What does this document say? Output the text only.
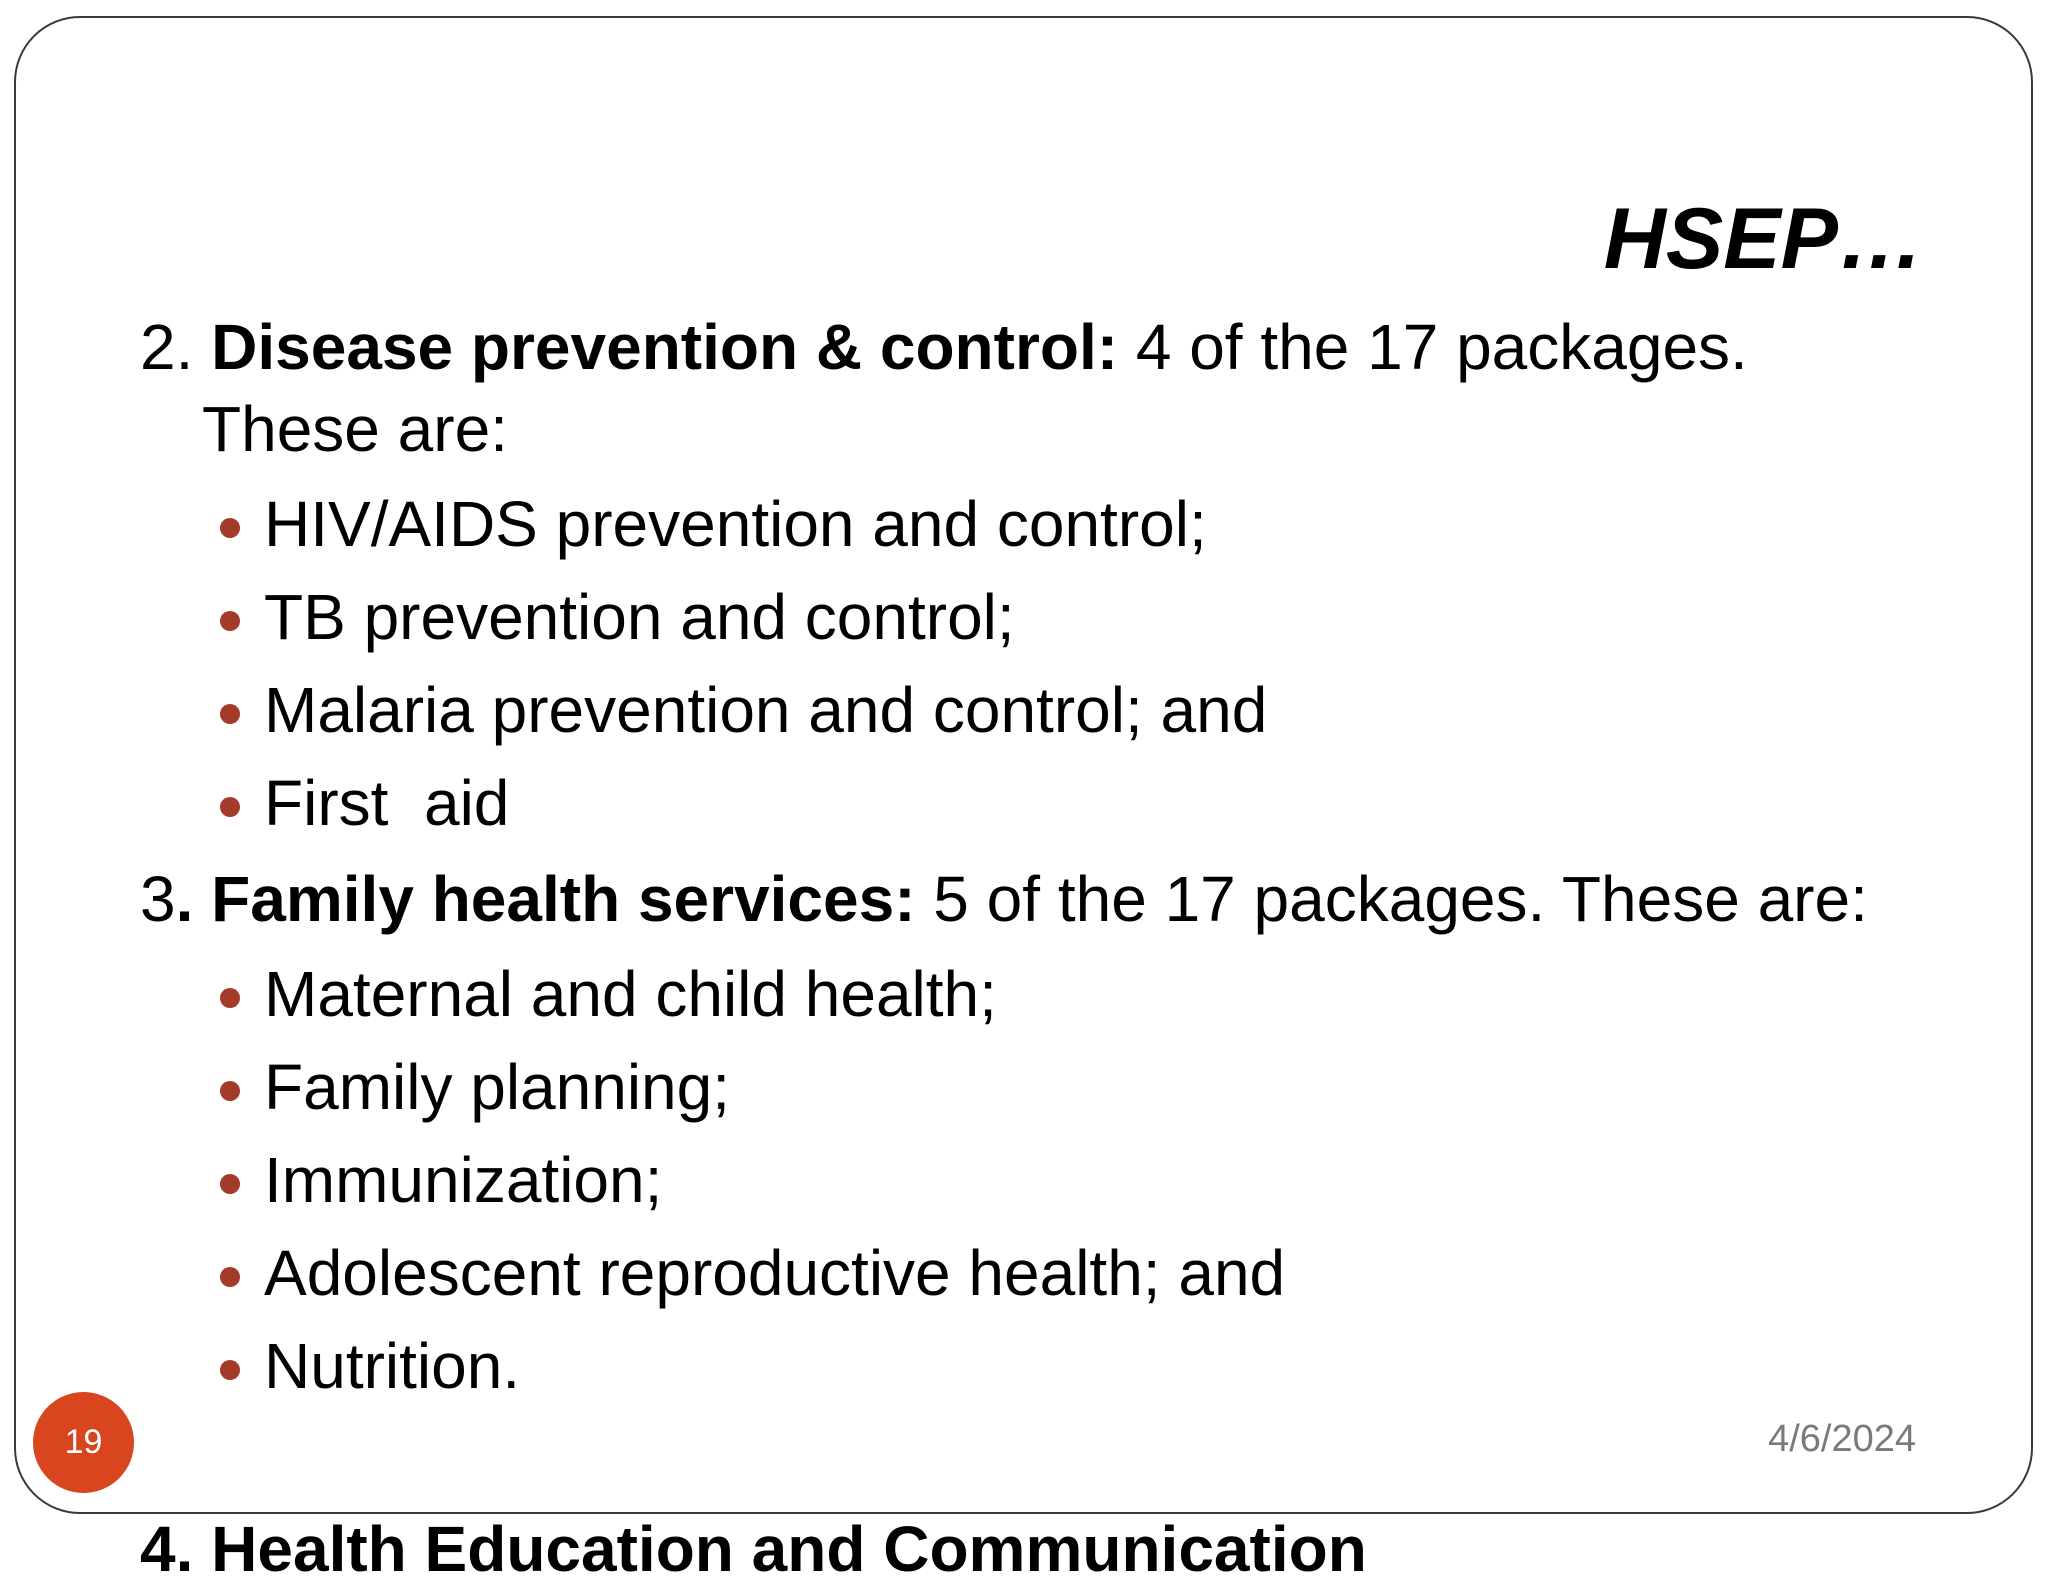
HSEP…
2. Disease prevention & control: 4 of the 17 packages. These are:
HIV/AIDS prevention and control;
TB prevention and control;
Malaria prevention and control; and
First  aid
3. Family health services: 5 of the 17 packages. These are:
Maternal and child health;
Family planning;
Immunization;
Adolescent reproductive health; and
Nutrition.
4. Health Education and Communication
19	4/6/2024
